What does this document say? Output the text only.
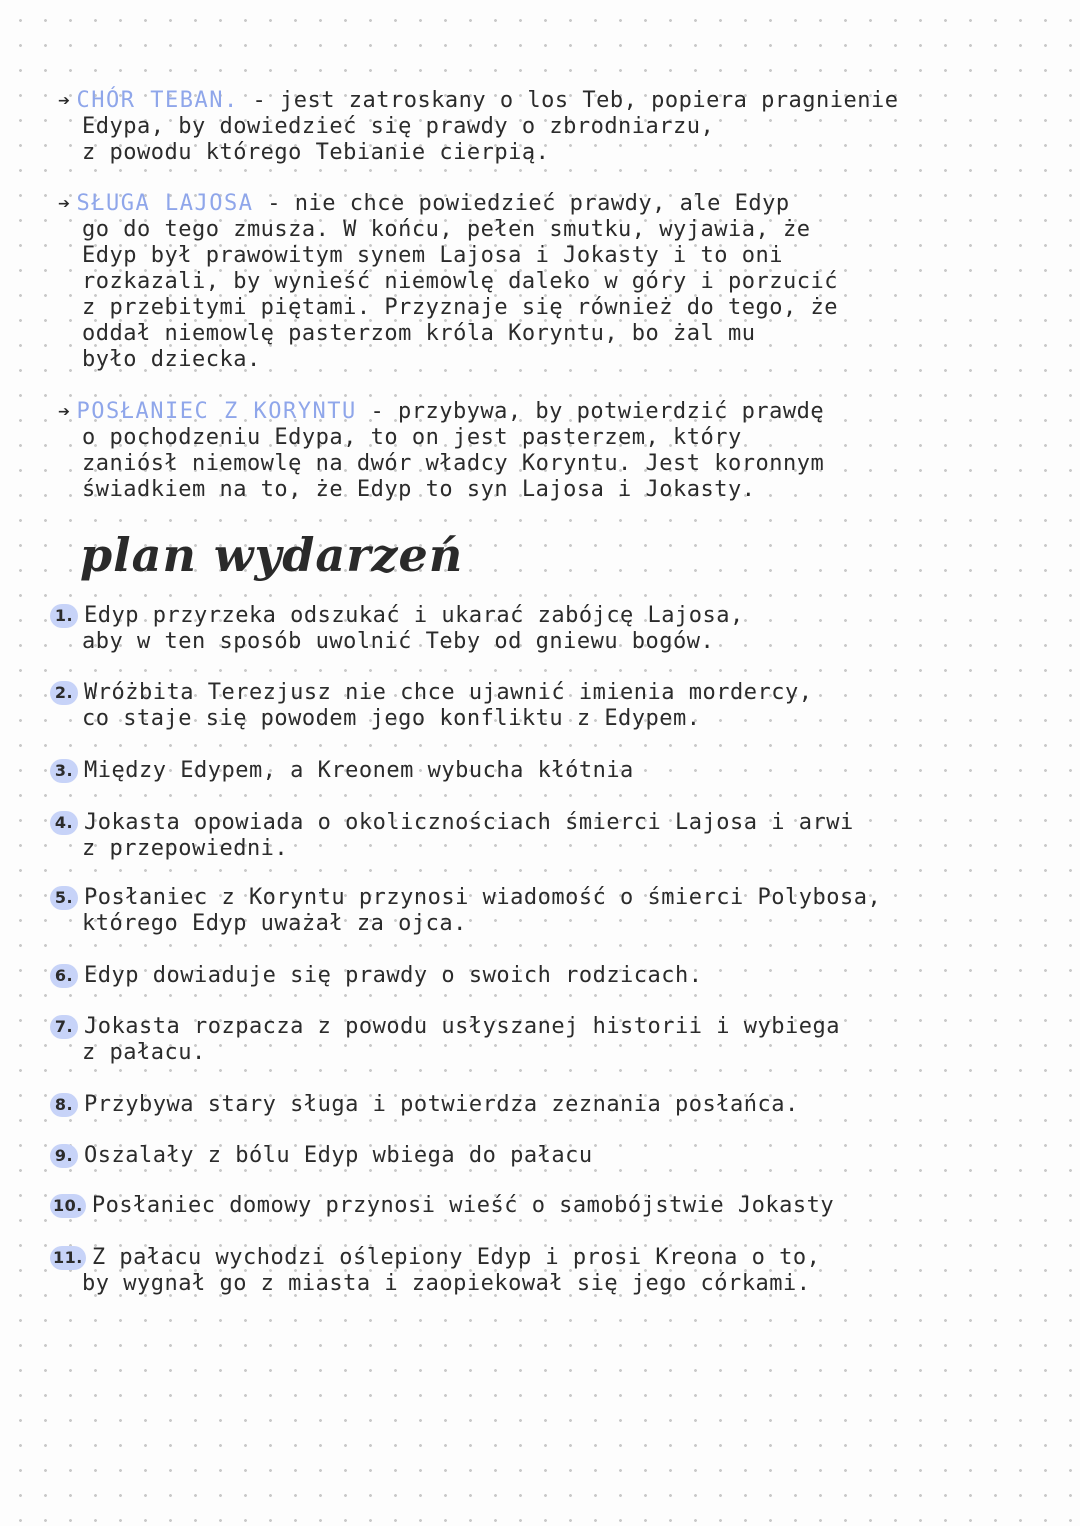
➔ CHÓR TEBAN. - jest zatroskany o los Teb, popiera pragnienie
Edypa, by dowiedzieć się prawdy o zbrodniarzu,
z powodu którego Tebianie cierpią.
➔ SŁUGA LAJOSA - nie chce powiedzieć prawdy, ale Edyp
go do tego zmusza. W końcu, pełen smutku, wyjawia, że
Edyp był prawowitym synem Lajosa i Jokasty i to oni
rozkazali, by wynieść niemowlę daleko w góry i porzucić
z przebitymi piętami. Przyznaje się również do tego, że
oddał niemowlę pasterzom króla Koryntu, bo żal mu
było dziecka.
➔ POSŁANIEC Z KORYNTU - przybywa, by potwierdzić prawdę
o pochodzeniu Edypa, to on jest pasterzem, który
zaniósł niemowlę na dwór władcy Koryntu. Jest koronnym
świadkiem na to, że Edyp to syn Lajosa i Jokasty.
plan wydarzeń
1. Edyp przyrzeka odszukać i ukarać zabójcę Lajosa,
aby w ten sposób uwolnić Teby od gniewu bogów.
2. Wróżbita Terezjusz nie chce ujawnić imienia mordercy,
co staje się powodem jego konfliktu z Edypem.
3. Między Edypem, a Kreonem wybucha kłótnia
4. Jokasta opowiada o okolicznościach śmierci Lajosa i arwi
z przepowiedni.
5. Posłaniec z Koryntu przynosi wiadomość o śmierci Polybosa,
którego Edyp uważał za ojca.
6. Edyp dowiaduje się prawdy o swoich rodzicach.
7. Jokasta rozpacza z powodu usłyszanej historii i wybiega
z pałacu.
8. Przybywa stary sługa i potwierdza zeznania posłańca.
9. Oszalały z bólu Edyp wbiega do pałacu
10. Posłaniec domowy przynosi wieść o samobójstwie Jokasty
11. Z pałacu wychodzi oślepiony Edyp i prosi Kreona o to,
by wygnał go z miasta i zaopiekował się jego córkami.
